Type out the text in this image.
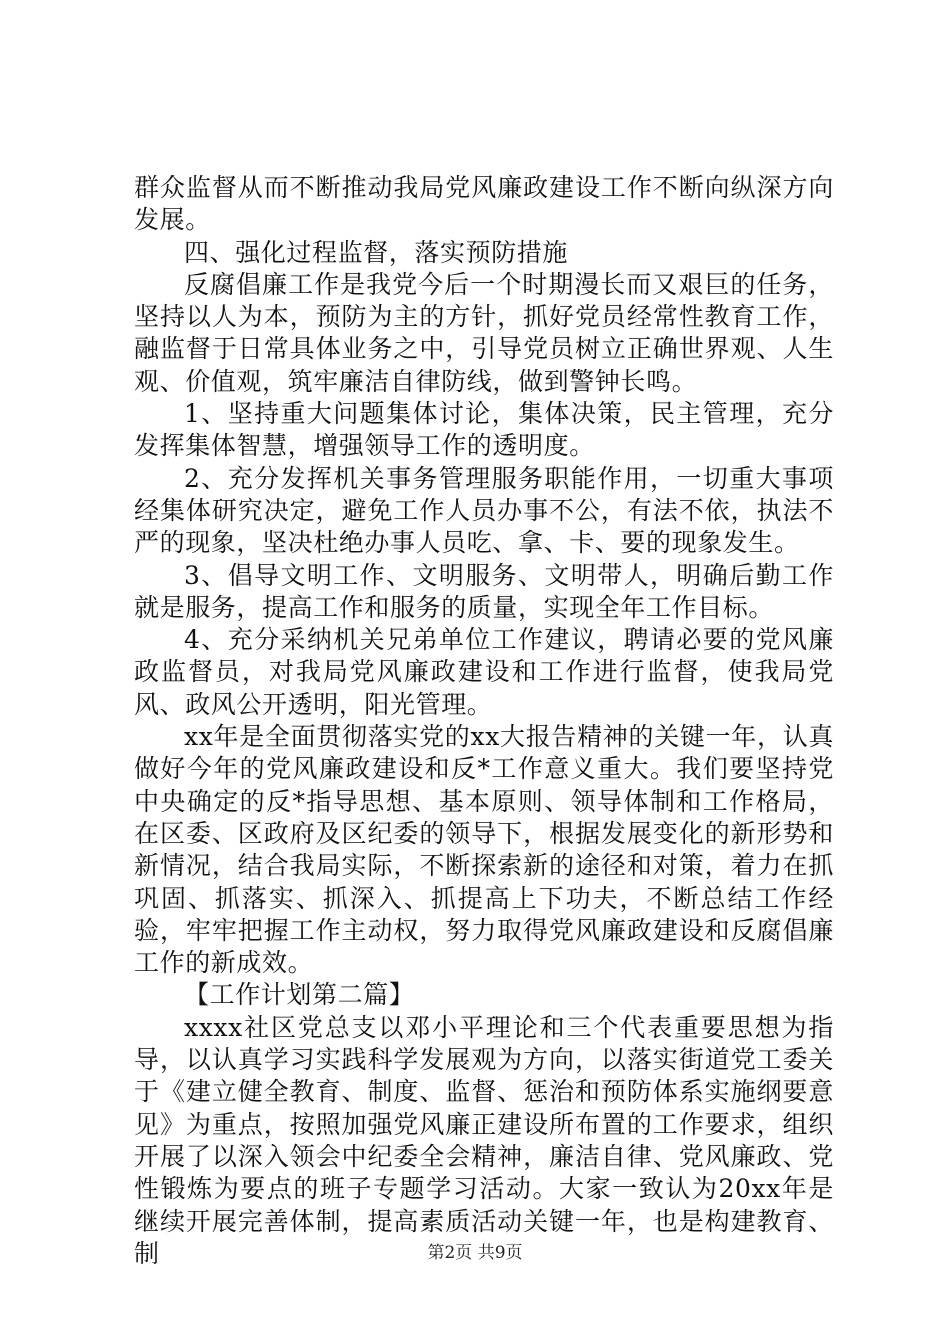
群众监督从而不断推动我局党风廉政建设工作不断向纵深方向发展。

四、强化过程监督，落实预防措施

反腐倡廉工作是我党今后一个时期漫长而又艰巨的任务，坚持以人为本，预防为主的方针，抓好党员经常性教育工作，融监督于日常具体业务之中，引导党员树立正确世界观、人生观、价值观，筑牢廉洁自律防线，做到警钟长鸣。

1、坚持重大问题集体讨论，集体决策，民主管理，充分发挥集体智慧，增强领导工作的透明度。

2、充分发挥机关事务管理服务职能作用，一切重大事项经集体研究决定，避免工作人员办事不公，有法不依，执法不严的现象，坚决杜绝办事人员吃、拿、卡、要的现象发生。

3、倡导文明工作、文明服务、文明带人，明确后勤工作就是服务，提高工作和服务的质量，实现全年工作目标。

4、充分采纳机关兄弟单位工作建议，聘请必要的党风廉政监督员，对我局党风廉政建设和工作进行监督，使我局党风、政风公开透明，阳光管理。

xx年是全面贯彻落实党的xx大报告精神的关键一年，认真做好今年的党风廉政建设和反*工作意义重大。我们要坚持党中央确定的反*指导思想、基本原则、领导体制和工作格局，在区委、区政府及区纪委的领导下，根据发展变化的新形势和新情况，结合我局实际，不断探索新的途径和对策，着力在抓巩固、抓落实、抓深入、抓提高上下功夫，不断总结工作经验，牢牢把握工作主动权，努力取得党风廉政建设和反腐倡廉工作的新成效。

【工作计划第二篇】

xxxx社区党总支以邓小平理论和三个代表重要思想为指导，以认真学习实践科学发展观为方向，以落实街道党工委关于《建立健全教育、制度、监督、惩治和预防体系实施纲要意见》为重点，按照加强党风廉正建设所布置的工作要求，组织开展了以深入领会中纪委全会精神，廉洁自律、党风廉政、党性锻炼为要点的班子专题学习活动。大家一致认为20xx年是继续开展完善体制，提高素质活动关键一年，也是构建教育、制	第2页 共9页
